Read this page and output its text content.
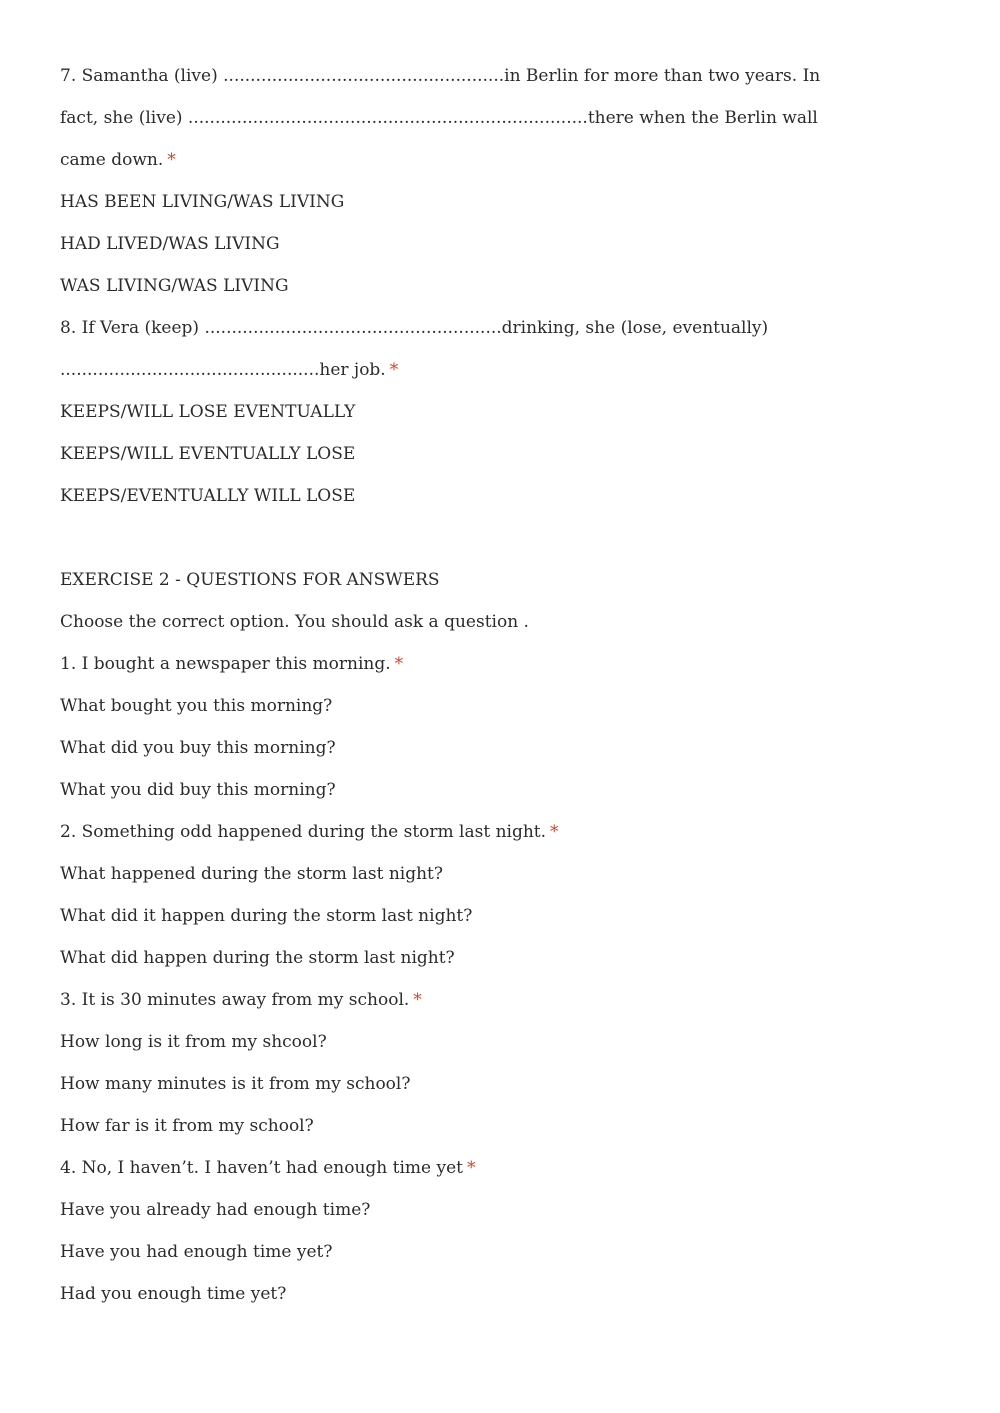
7. Samantha (live) ....................................................in Berlin for more than two years. In
fact, she (live) ..........................................................................there when the Berlin wall
came down. *
HAS BEEN LIVING/WAS LIVING
HAD LIVED/WAS LIVING
WAS LIVING/WAS LIVING
8. If Vera (keep) .......................................................drinking, she (lose, eventually)
................................................her job. *
KEEPS/WILL LOSE EVENTUALLY
KEEPS/WILL EVENTUALLY LOSE
KEEPS/EVENTUALLY WILL LOSE
EXERCISE 2 - QUESTIONS FOR ANSWERS
Choose the correct option. You should ask a question .
1. I bought a newspaper this morning. *
What bought you this morning?
What did you buy this morning?
What you did buy this morning?
2. Something odd happened during the storm last night. *
What happened during the storm last night?
What did it happen during the storm last night?
What did happen during the storm last night?
3. It is 30 minutes away from my school. *
How long is it from my shcool?
How many minutes is it from my school?
How far is it from my school?
4. No, I haven’t. I haven’t had enough time yet *
Have you already had enough time?
Have you had enough time yet?
Had you enough time yet?
